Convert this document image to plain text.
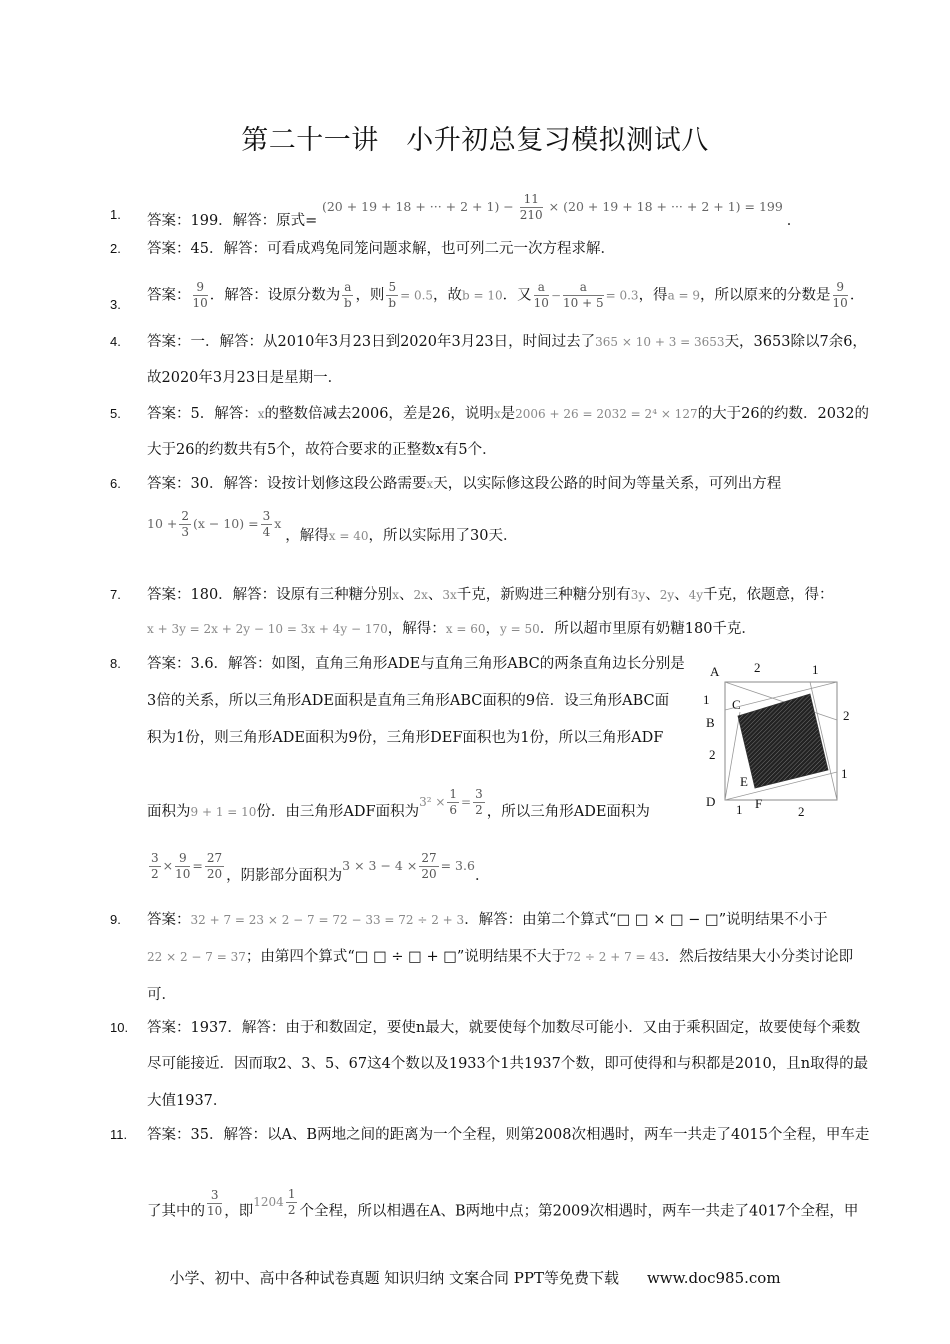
第二十一讲　小升初总复习模拟测试八
1.	答案：199．解答：原式= (20 + 19 + 18 + ··· + $2 + 1) - \frac{11}{210} \times (20 + 19 + 18$ + ··· + 2 + 1) = 199 ．
2.	答案：45．解答：可看成鸡兔同笼问题求解，也可列二元一次方程求解．
3.
答案： $\frac{9}{10}$ ．解答：设原分数为 $\frac{a}{b}$ ，则 $\frac{5}{b} = 0.5$，故b = 10．又 $\frac{a}{10} - \frac{a}{10 + 5} = 0.3$，得a = 9，所以原来的分数是 $\frac{9}{10}$ ．
4.	答案：一．解答：从2010年3月23日到2020年3月23日，时间过去了365 × 10 + 3 = 3653天，3653除以7余6，
故2020年3月23日是星期一．
5.	答案：5．解答：x的整数倍减去2006，差是26，说明x是2006 + 26 = 2032 = 2⁴ × 127的大于26的约数．2032的
大于26的约数共有5个，故符合要求的正整数x有5个．
6.	答案：30．解答：设按计划修这段公路需要x天，以实际修这段公路的时间为等量关系，可列出方程
$10 + \frac{2}{3} (x - 10) = \frac{3}{4}$ x ，解得x = 40，所以实际用了30天．
7.	答案：180．解答：设原有三种糖分别x、2x、3x千克，新购进三种糖分别有3y、2y、4y千克，依题意，得：
x + 3y = 2x + 2y − 10 = 3x + 4y − 170，解得：x = 60，y = 50．所以超市里原有奶糖180千克．
8.	答案：3.6．解答：如图，直角三角形ADE与直角三角形ABC的两条直角边长分别是
3倍的关系，所以三角形ADE面积是直角三角形ABC面积的9倍．设三角形ABC面
积为1份，则三角形ADE面积为9份，三角形DEF面积也为1份，所以三角形ADF
面积为9 + 1 = 10份．由三角形ADF面积为$^{3^2 \times \frac{1}{6} = \frac{3}{2}}$ ，所以三角形ADE面积为
$\frac{3}{2} \times \frac{9}{10} = \frac{27}{20}$ ，阴影部分面积为$3 \times 3 - 4 \times \frac{27}{20} = 3.6$．
A	2	1
1 C
B	2
2
1
E
D
1 F
2
9.	答案：32 + 7 = 23 × 2 − 7 = 72 − 33 = 72 ÷ 2 + 3．解答：由第二个算式“□ □ × □ − □”说明结果不小于
22 × 2 − 7 = 37；由第四个算式“□ □ ÷ □ + □”说明结果不大于72 ÷ 2 + 7 = 43．然后按结果大小分类讨论即
可．
10.	答案：1937．解答：由于和数固定，要使n最大，就要使每个加数尽可能小．又由于乘积固定，故要使每个乘数
尽可能接近．因而取2、3、5、67这4个数以及1933个1共1937个数，即可使得和与积都是2010，且n取得的最
大值1937．
11.	答案：35．解答：以A、B两地之间的距离为一个全程，则第2008次相遇时，两车一共走了4015个全程，甲车走
了其中的 $\frac{3}{10}$ ，即$^{1204 \frac{1}{2}}$ 个全程，所以相遇在A、B两地中点；第2009次相遇时，两车一共走了4017个全程，甲
小学、初中、高中各种试卷真题 知识归纳 文案合同 PPT等免费下载 www.doc985.com
